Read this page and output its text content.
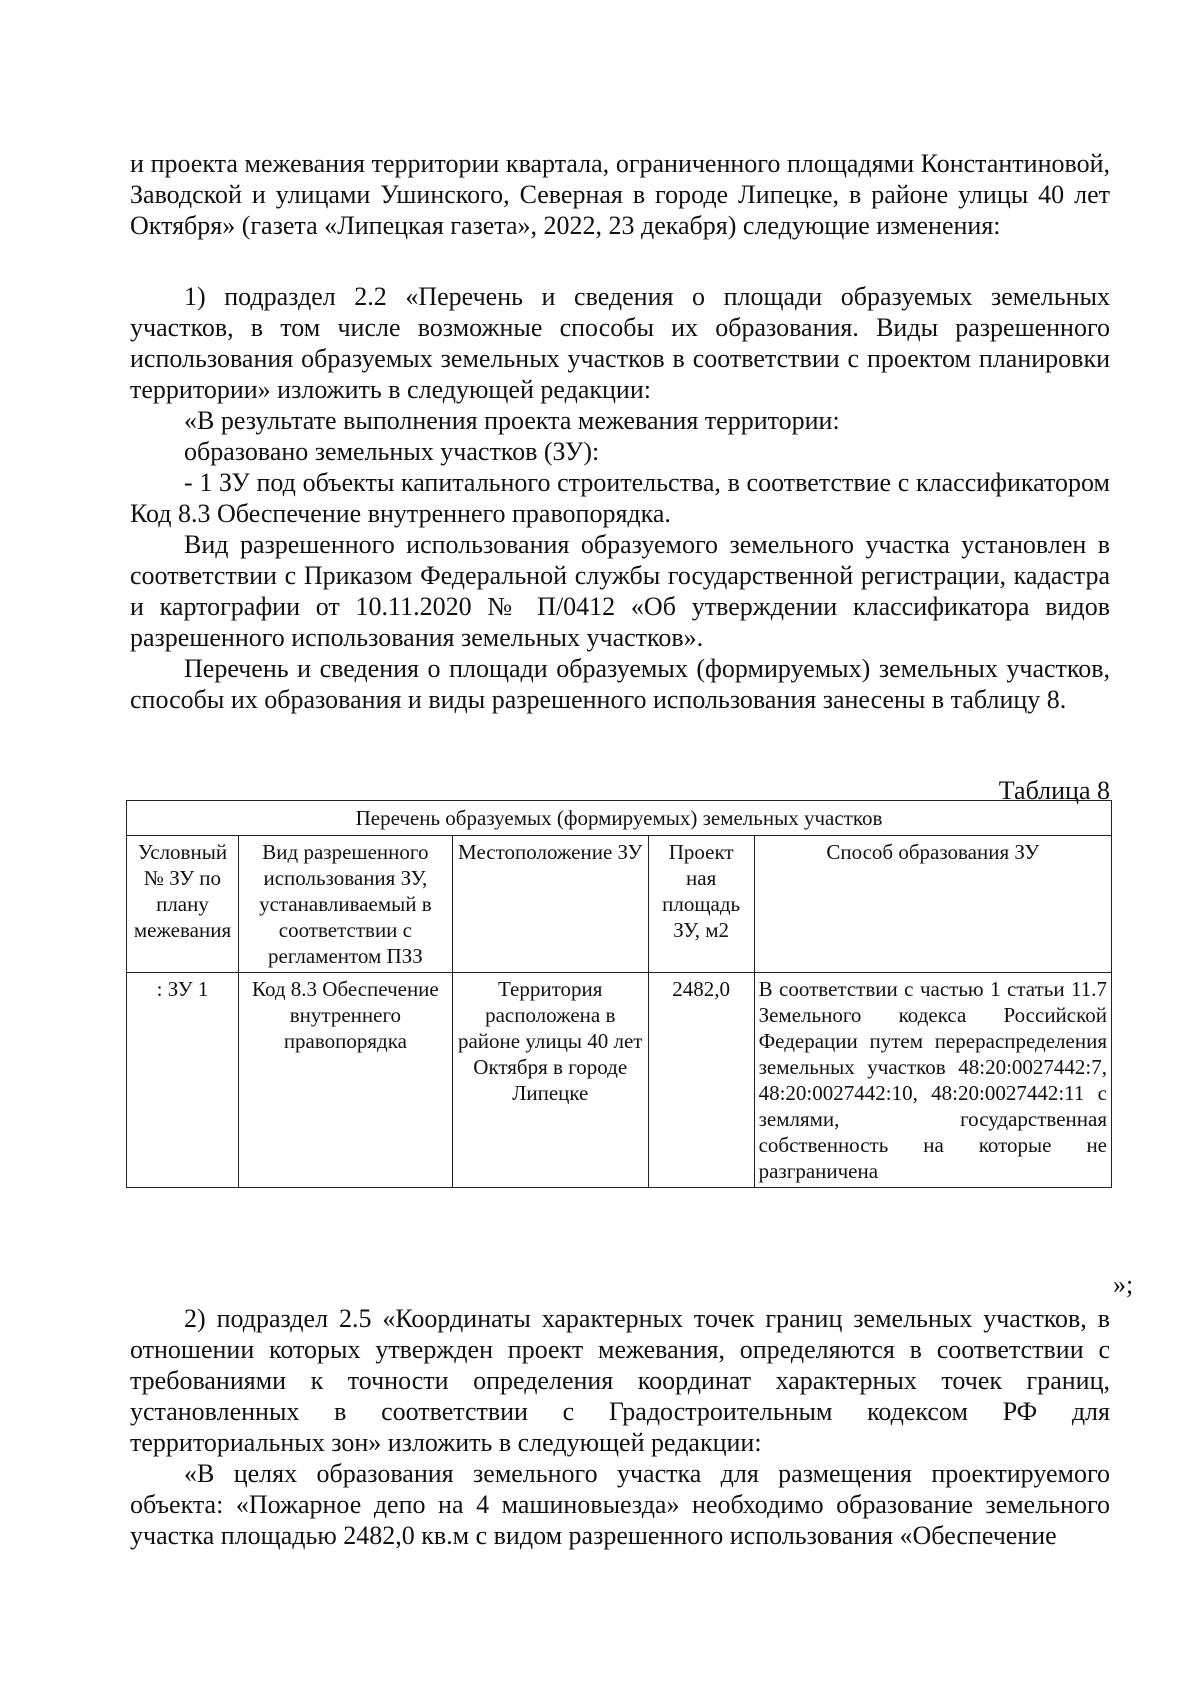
и проекта межевания территории квартала, ограниченного площадями Константиновой, Заводской и улицами Ушинского, Северная в городе Липецке, в районе улицы 40 лет Октября» (газета «Липецкая газета», 2022, 23 декабря) следующие изменения:

1) подраздел 2.2 «Перечень и сведения о площади образуемых земельных участков, в том числе возможные способы их образования. Виды разрешенного использования образуемых земельных участков в соответствии с проектом планировки территории» изложить в следующей редакции:

«В результате выполнения проекта межевания территории:

образовано земельных участков (ЗУ):

- 1 ЗУ под объекты капитального строительства, в соответствие с классификатором Код 8.3 Обеспечение внутреннего правопорядка.

Вид разрешенного использования образуемого земельного участка установлен в соответствии с Приказом Федеральной службы государственной регистрации, кадастра и картографии от 10.11.2020 № П/0412 «Об утверждении классификатора видов разрешенного использования земельных участков».

Перечень и сведения о площади образуемых (формируемых) земельных участков, способы их образования и виды разрешенного использования занесены в таблицу 8.

Таблица 8
Перечень образуемых (формируемых) земельных участков				
Условный № ЗУ по плану межевания	Вид разрешенного использования ЗУ, устанавливаемый в соответствии с регламентом ПЗЗ	Местоположение ЗУ	Проект ная площадь ЗУ, м2	Способ образования ЗУ
: ЗУ 1	Код 8.3 Обеспечение внутреннего правопорядка	Территория расположена в районе улицы 40 лет Октября в городе Липецке	2482,0	В соответствии с частью 1 статьи 11.7 Земельного кодекса Российской Федерации путем перераспределения земельных участков 48:20:0027442:7, 48:20:0027442:10, 48:20:0027442:11 с землями, государственная собственность на которые не разграничена
»;

2) подраздел 2.5 «Координаты характерных точек границ земельных участков, в отношении которых утвержден проект межевания, определяются в соответствии с требованиями к точности определения координат характерных точек границ, установленных в соответствии с Градостроительным кодексом РФ для территориальных зон» изложить в следующей редакции:

«В целях образования земельного участка для размещения проектируемого объекта: «Пожарное депо на 4 машиновыезда» необходимо образование земельного участка площадью 2482,0 кв.м с видом разрешенного использования «Обеспечение
